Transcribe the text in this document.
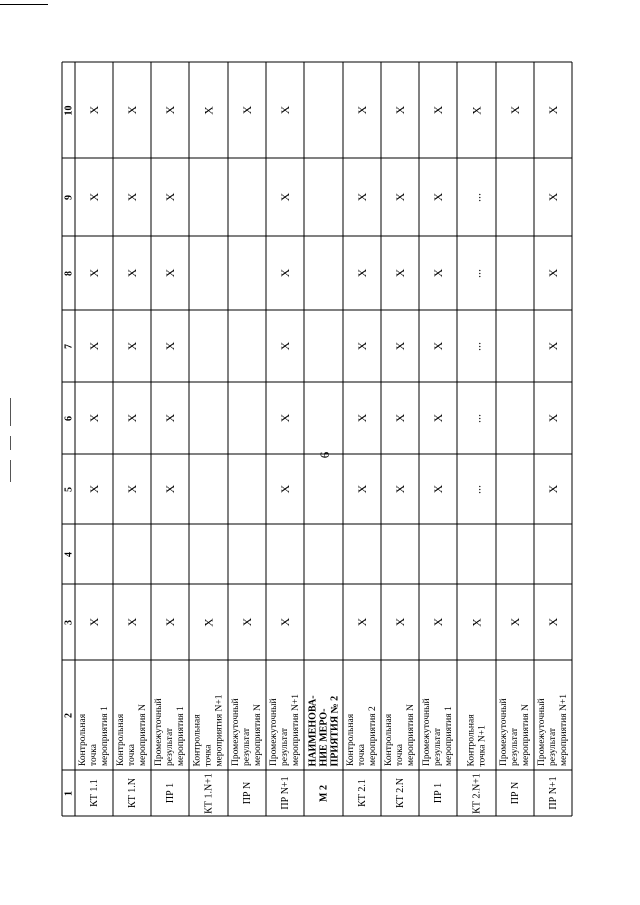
6
1
2
3
4
5
6
7
8
9
10
КТ 1.1
Контрольная
точка
мероприятия 1
X
X
X
X
X
X
X
КТ 1.N
Контрольная
точка
мероприятия N
X
X
X
X
X
X
X
ПР 1
Промежуточный
результат
мероприятия 1
X
X
X
X
X
X
X
КТ 1.N+1
Контрольная
точка
мероприятия N+1
X
X
ПР N
Промежуточный
результат
мероприятия N
X
X
ПР N+1
Промежуточный
результат
мероприятия N+1
X
X
X
X
X
X
X
М 2
НАИМЕНОВА-
НИЕ МЕРО-
ПРИЯТИЯ № 2
КТ 2.1
Контрольная
точка
мероприятия 2
X
X
X
X
X
X
X
КТ 2.N
Контрольная
точка
мероприятия N
X
X
X
X
X
X
X
ПР 1
Промежуточный
результат
мероприятия 1
X
X
X
X
X
X
X
КТ 2.N+1
Контрольная
точка N+1
X
...
...
...
...
...
X
ПР N
Промежуточный
результат
мероприятия N
X
X
ПР N+1
Промежуточный
результат
мероприятия N+1
X
X
X
X
X
X
X
